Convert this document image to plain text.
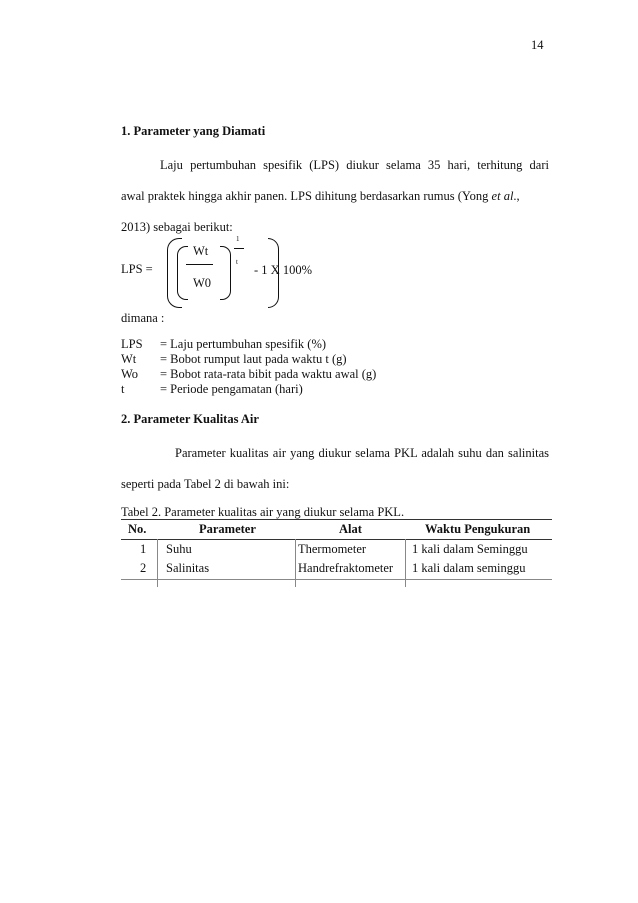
14
1. Parameter yang Diamati
Laju pertumbuhan spesifik (LPS) diukur selama 35 hari, terhitung dari
awal praktek hingga akhir panen. LPS dihitung berdasarkan rumus (Yong et al.,
2013) sebagai berikut:
LPS =
Wt
W0
1
t
- 1 X 100%
dimana :
LPS = Laju pertumbuhan spesifik (%)
Wt = Bobot rumput laut pada waktu t (g)
Wo = Bobot rata-rata bibit pada waktu awal (g)
t	= Periode pengamatan (hari)
2. Parameter Kualitas Air
Parameter kualitas air yang diukur selama PKL adalah suhu dan salinitas
seperti pada Tabel 2 di bawah ini:
Tabel 2. Parameter kualitas air yang diukur selama PKL.
No.	Parameter	Alat	Waktu Pengukuran
1 Suhu	Thermometer	1 kali dalam Seminggu
2 Salinitas	Handrefraktometer 1 kali dalam seminggu
